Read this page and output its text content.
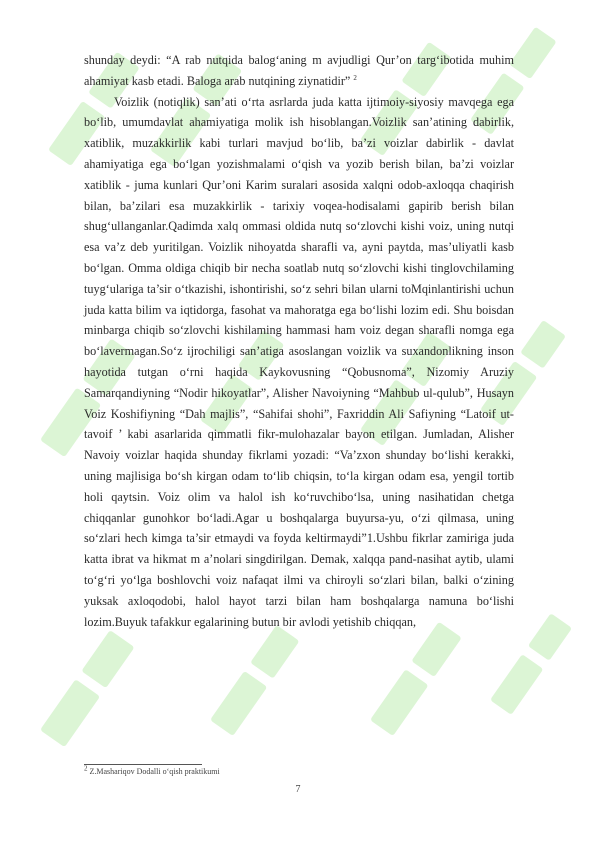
shunday deydi: “A rab nutqida balog‘aning m avjudligi Qur’on targ‘ibotida muhim ahamiyat kasb etadi. Baloga arab nutqining ziynatidir” $^2$

Voizlik (notiqlik) san’ati o‘rta asrlarda juda katta ijtimoiy-siyosiy mavqega ega bo‘lib, umumdavlat ahamiyatiga molik ish hisoblangan.Voizlik san’atining dabirlik, xatiblik, muzakkirlik kabi turlari mavjud bo‘lib, ba’zi voizlar dabirlik - davlat ahamiyatiga ega bo‘lgan yozishmalami o‘qish va yozib berish bilan, ba’zi voizlar xatiblik - juma kunlari Qur’oni Karim suralari asosida xalqni odob-axloqqa chaqirish bilan, ba’zilari esa muzakkirlik - tarixiy voqea-hodisalami gapirib berish bilan shug‘ullanganlar.Qadimda xalq ommasi oldida nutq so‘zlovchi kishi voiz, uning nutqi esa va’z deb yuritilgan. Voizlik nihoyatda sharafli va, ayni paytda, mas’uliyatli kasb bo‘lgan. Omma oldiga chiqib bir necha soatlab nutq so‘zlovchi kishi tinglovchilaming tuyg‘ulariga ta’sir o‘tkazishi, ishontirishi, so‘z sehri bilan ularni toMqinlantirishi uchun juda katta bilim va iqtidorga, fasohat va mahoratga ega bo‘lishi lozim edi. Shu boisdan minbarga chiqib so‘zlovchi kishilaming hammasi ham voiz degan sharafli nomga ega bo‘lavermagan.So‘z ijrochiligi san’atiga asoslangan voizlik va suxandonlikning inson hayotida tutgan o‘rni haqida Kaykovusning “Qobusnoma”, Nizomiy Aruziy Samarqandiyning “Nodir hikoyatlar”, Alisher Navoiyning “Mahbub ul-qulub”, Husayn Voiz Koshifiyning “Dah majlis”, “Sahifai shohi”, Faxriddin Ali Safiyning “Latoif ut-tavoif ’ kabi asarlarida qimmatli fikr-mulohazalar bayon etilgan. Jumladan, Alisher Navoiy voizlar haqida shunday fikrlami yozadi: “Va’zxon shunday bo‘lishi kerakki, uning majlisiga bo‘sh kirgan odam to‘lib chiqsin, to‘la kirgan odam esa, yengil tortib holi qaytsin. Voiz olim va halol ish ko‘ruvchibo‘lsa, uning nasihatidan chetga chiqqanlar gunohkor bo‘ladi.Agar u boshqalarga buyursa-yu, o‘zi qilmasa, uning so‘zlari hech kimga ta’sir etmaydi va foyda keltirmaydi”1.Ushbu fikrlar zamiriga juda katta ibrat va hikmat m a’nolari singdirilgan. Demak, xalqqa pand-nasihat aytib, ulami to‘g‘ri yo‘lga boshlovchi voiz nafaqat ilmi va chiroyli so‘zlari bilan, balki o‘zining yuksak axloqodobi, halol hayot tarzi bilan ham boshqalarga namuna bo‘lishi lozim.Buyuk tafakkur egalarining butun bir avlodi yetishib chiqqan,

$^2$ Z.Mashariqov Dodalli o‘qish praktikumi
7
